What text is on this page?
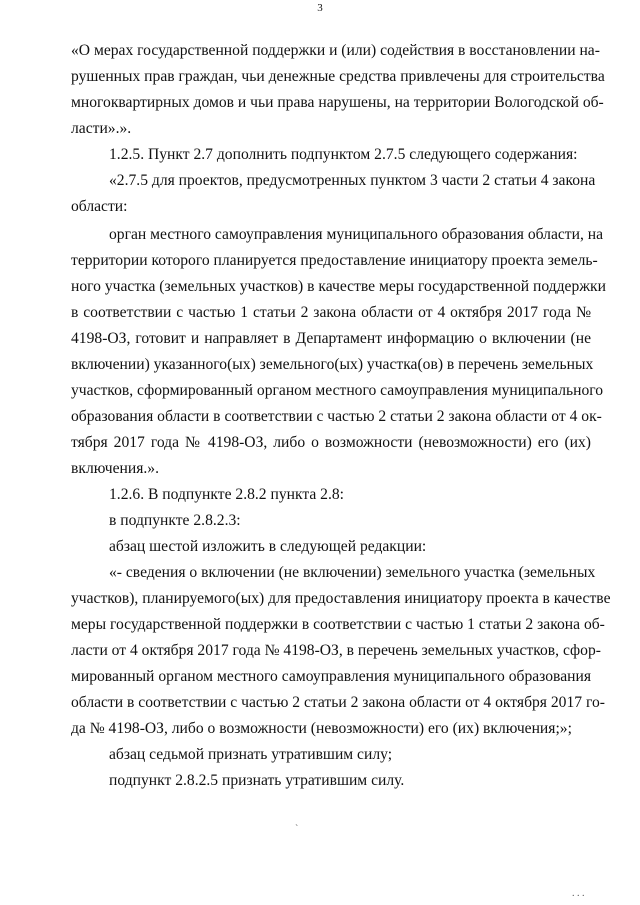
3
«О мерах государственной поддержки и (или) содействия в восстановлении на-
рушенных прав граждан, чьи денежные средства привлечены для строительства
многоквартирных домов и чьи права нарушены, на территории Вологодской об-
ласти».».
1.2.5. Пункт 2.7 дополнить подпунктом 2.7.5 следующего содержания:
«2.7.5 для проектов, предусмотренных пунктом 3 части 2 статьи 4 закона
области:
орган местного самоуправления муниципального образования области, на
территории которого планируется предоставление инициатору проекта земель-
ного участка (земельных участков) в качестве меры государственной поддержки
в соответствии с частью 1 статьи 2 закона области от 4 октября 2017 года №
4198-ОЗ, готовит и направляет в Департамент информацию о включении (не
включении) указанного(ых) земельного(ых) участка(ов) в перечень земельных
участков, сформированный органом местного самоуправления муниципального
образования области в соответствии с частью 2 статьи 2 закона области от 4 ок-
тября 2017 года № 4198-ОЗ, либо о возможности (невозможности) его (их)
включения.».
1.2.6. В подпункте 2.8.2 пункта 2.8:
в подпункте 2.8.2.3:
абзац шестой изложить в следующей редакции:
«- сведения о включении (не включении) земельного участка (земельных
участков), планируемого(ых) для предоставления инициатору проекта в качестве
меры государственной поддержки в соответствии с частью 1 статьи 2 закона об-
ласти от 4 октября 2017 года № 4198-ОЗ, в перечень земельных участков, сфор-
мированный органом местного самоуправления муниципального образования
области в соответствии с частью 2 статьи 2 закона области от 4 октября 2017 го-
да № 4198-ОЗ, либо о возможности (невозможности) его (их) включения;»;
абзац седьмой признать утратившим силу;
подпункт 2.8.2.5 признать утратившим силу.
`
. . .
